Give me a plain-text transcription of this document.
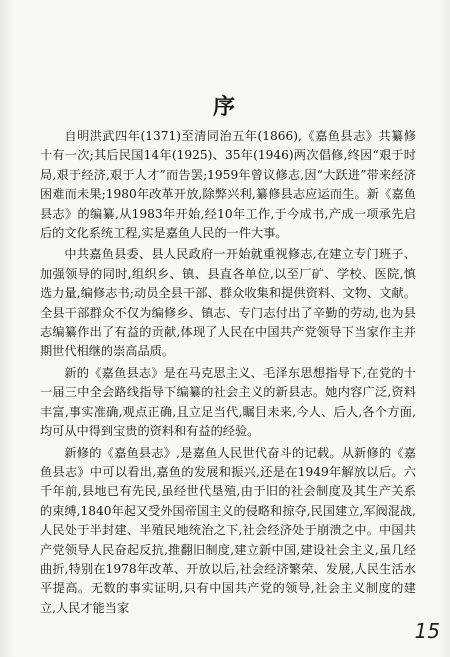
序

自明洪武四年(1371)至清同治五年(1866),《嘉鱼县志》共纂修十有一次;其后民国14年(1925)、35年(1946)两次倡修,终因“艰于时局,艰于经济,艰于人才”而告罢;1959年曾议修志,因“大跃进”带来经济困难而未果;1980年改革开放,除弊兴利,纂修县志应运而生。新《嘉鱼县志》的编纂,从1983年开始,经10年工作,于今成书,产成一项承先启后的文化系统工程,实是嘉鱼人民的一件大事。

中共嘉鱼县委、县人民政府一开始就重视修志,在建立专门班子、加强领导的同时,组织乡、镇、县直各单位,以至厂矿、学校、医院,慎选力量,编修志书;动员全县干部、群众收集和提供资料、文物、文献。全县干部群众不仅为编修乡、镇志、专门志付出了辛勤的劳动,也为县志编纂作出了有益的贡献,体现了人民在中国共产党领导下当家作主并期世代相继的崇高品质。

新的《嘉鱼县志》是在马克思主义、毛泽东思想指导下,在党的十一届三中全会路线指导下编纂的社会主义的新县志。她内容广泛,资料丰富,事实准确,观点正确,且立足当代,瞩目未来,今人、后人,各个方面,均可从中得到宝贵的资料和有益的经验。

新修的《嘉鱼县志》,是嘉鱼人民世代奋斗的记载。从新修的《嘉鱼县志》中可以看出,嘉鱼的发展和振兴,还是在1949年解放以后。六千年前,县地已有先民,虽经世代垦殖,由于旧的社会制度及其生产关系的束缚,1840年起又受外国帝国主义的侵略和掠夺,民国建立,军阀混战,人民处于半封建、半殖民地统治之下,社会经济处于崩溃之中。中国共产党领导人民奋起反抗,推翻旧制度,建立新中国,建设社会主义,虽几经曲折,特别在1978年改革、开放以后,社会经济繁荣、发展,人民生活水平提高。无数的事实证明,只有中国共产党的领导,社会主义制度的建立,人民才能当家

15
